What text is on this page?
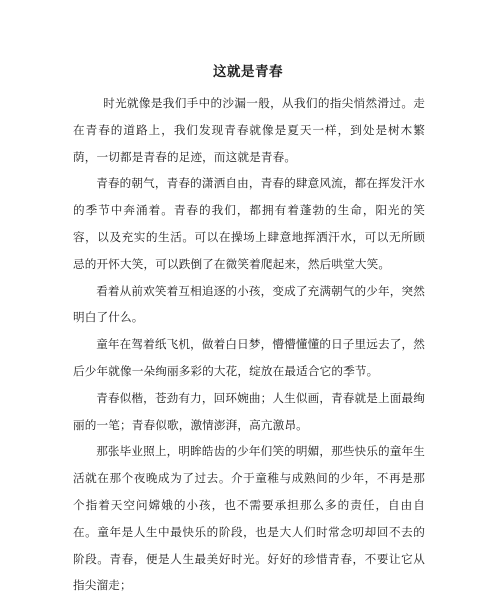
这就是青春

时光就像是我们手中的沙漏一般，从我们的指尖悄然滑过。走在青春的道路上，我们发现青春就像是夏天一样，到处是树木繁荫，一切都是青春的足迹，而这就是青春。

青春的朝气，青春的潇洒自由，青春的肆意风流，都在挥发汗水的季节中奔涌着。青春的我们，都拥有着蓬勃的生命，阳光的笑容，以及充实的生活。可以在操场上肆意地挥洒汗水，可以无所顾忌的开怀大笑，可以跌倒了在微笑着爬起来，然后哄堂大笑。

看着从前欢笑着互相追逐的小孩，变成了充满朝气的少年，突然明白了什么。

童年在驾着纸飞机，做着白日梦，懵懵懂懂的日子里远去了，然后少年就像一朵绚丽多彩的大花，绽放在最适合它的季节。

青春似楷，苍劲有力，回环婉曲；人生似画，青春就是上面最绚丽的一笔；青春似歌，激情澎湃，高亢激昂。

那张毕业照上，明眸皓齿的少年们笑的明媚，那些快乐的童年生活就在那个夜晚成为了过去。介于童稚与成熟间的少年，不再是那个指着天空问嫦娥的小孩，也不需要承担那么多的责任，自由自在。童年是人生中最快乐的阶段，也是大人们时常念叨却回不去的阶段。青春，便是人生最美好时光。好好的珍惜青春，不要让它从指尖溜走；
